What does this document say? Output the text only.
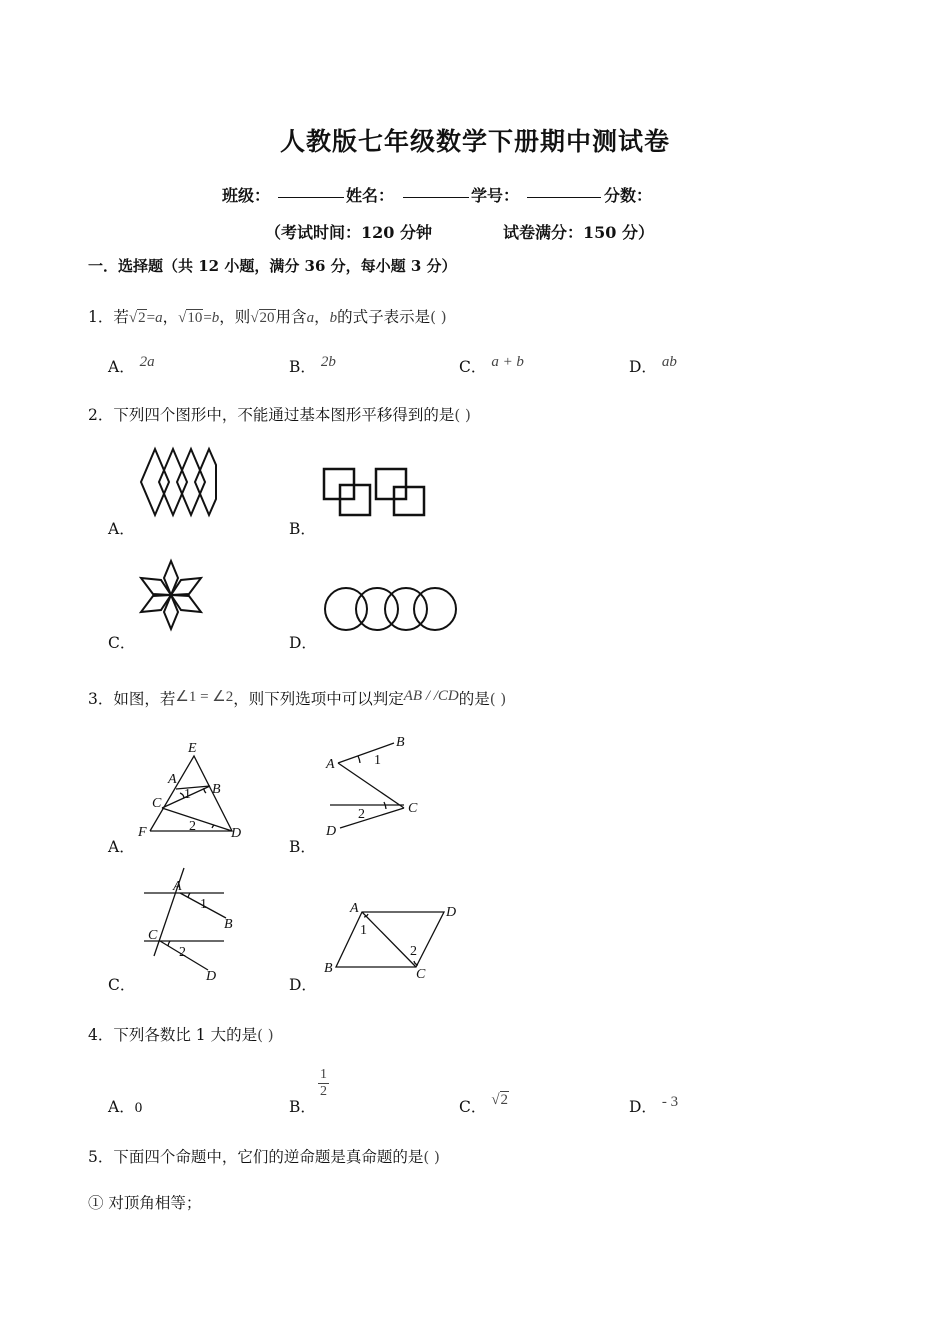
人教版七年级数学下册期中测试卷
班级：	姓名：	学号：	分数：
（考试时间：120 分钟	试卷满分：150 分）
一．选择题（共 12 小题，满分 36 分，每小题 3 分）
1．若√2=a，√10=b，则√20用含a，b的式子表示是( )
A． 2a	B． 2b	C． a + b	D． ab
2．下列四个图形中，不能通过基本图形平移得到的是( )
A．	B．
C．	D．
3．如图，若∠1 = ∠2，则下列选项中可以判定AB / /CD的是( )
A．
E
A
B
C
F	D
1
2
B．
A
B
C
D
1
2
C．
A
B
C
D
1
2
D．
A	D
B	C
1
2
4．下列各数比 1 大的是( )
A．0	B．
$\frac{1}{2}$
C． √2	D． - 3
5．下面四个命题中，它们的逆命题是真命题的是( )
① 对顶角相等；
